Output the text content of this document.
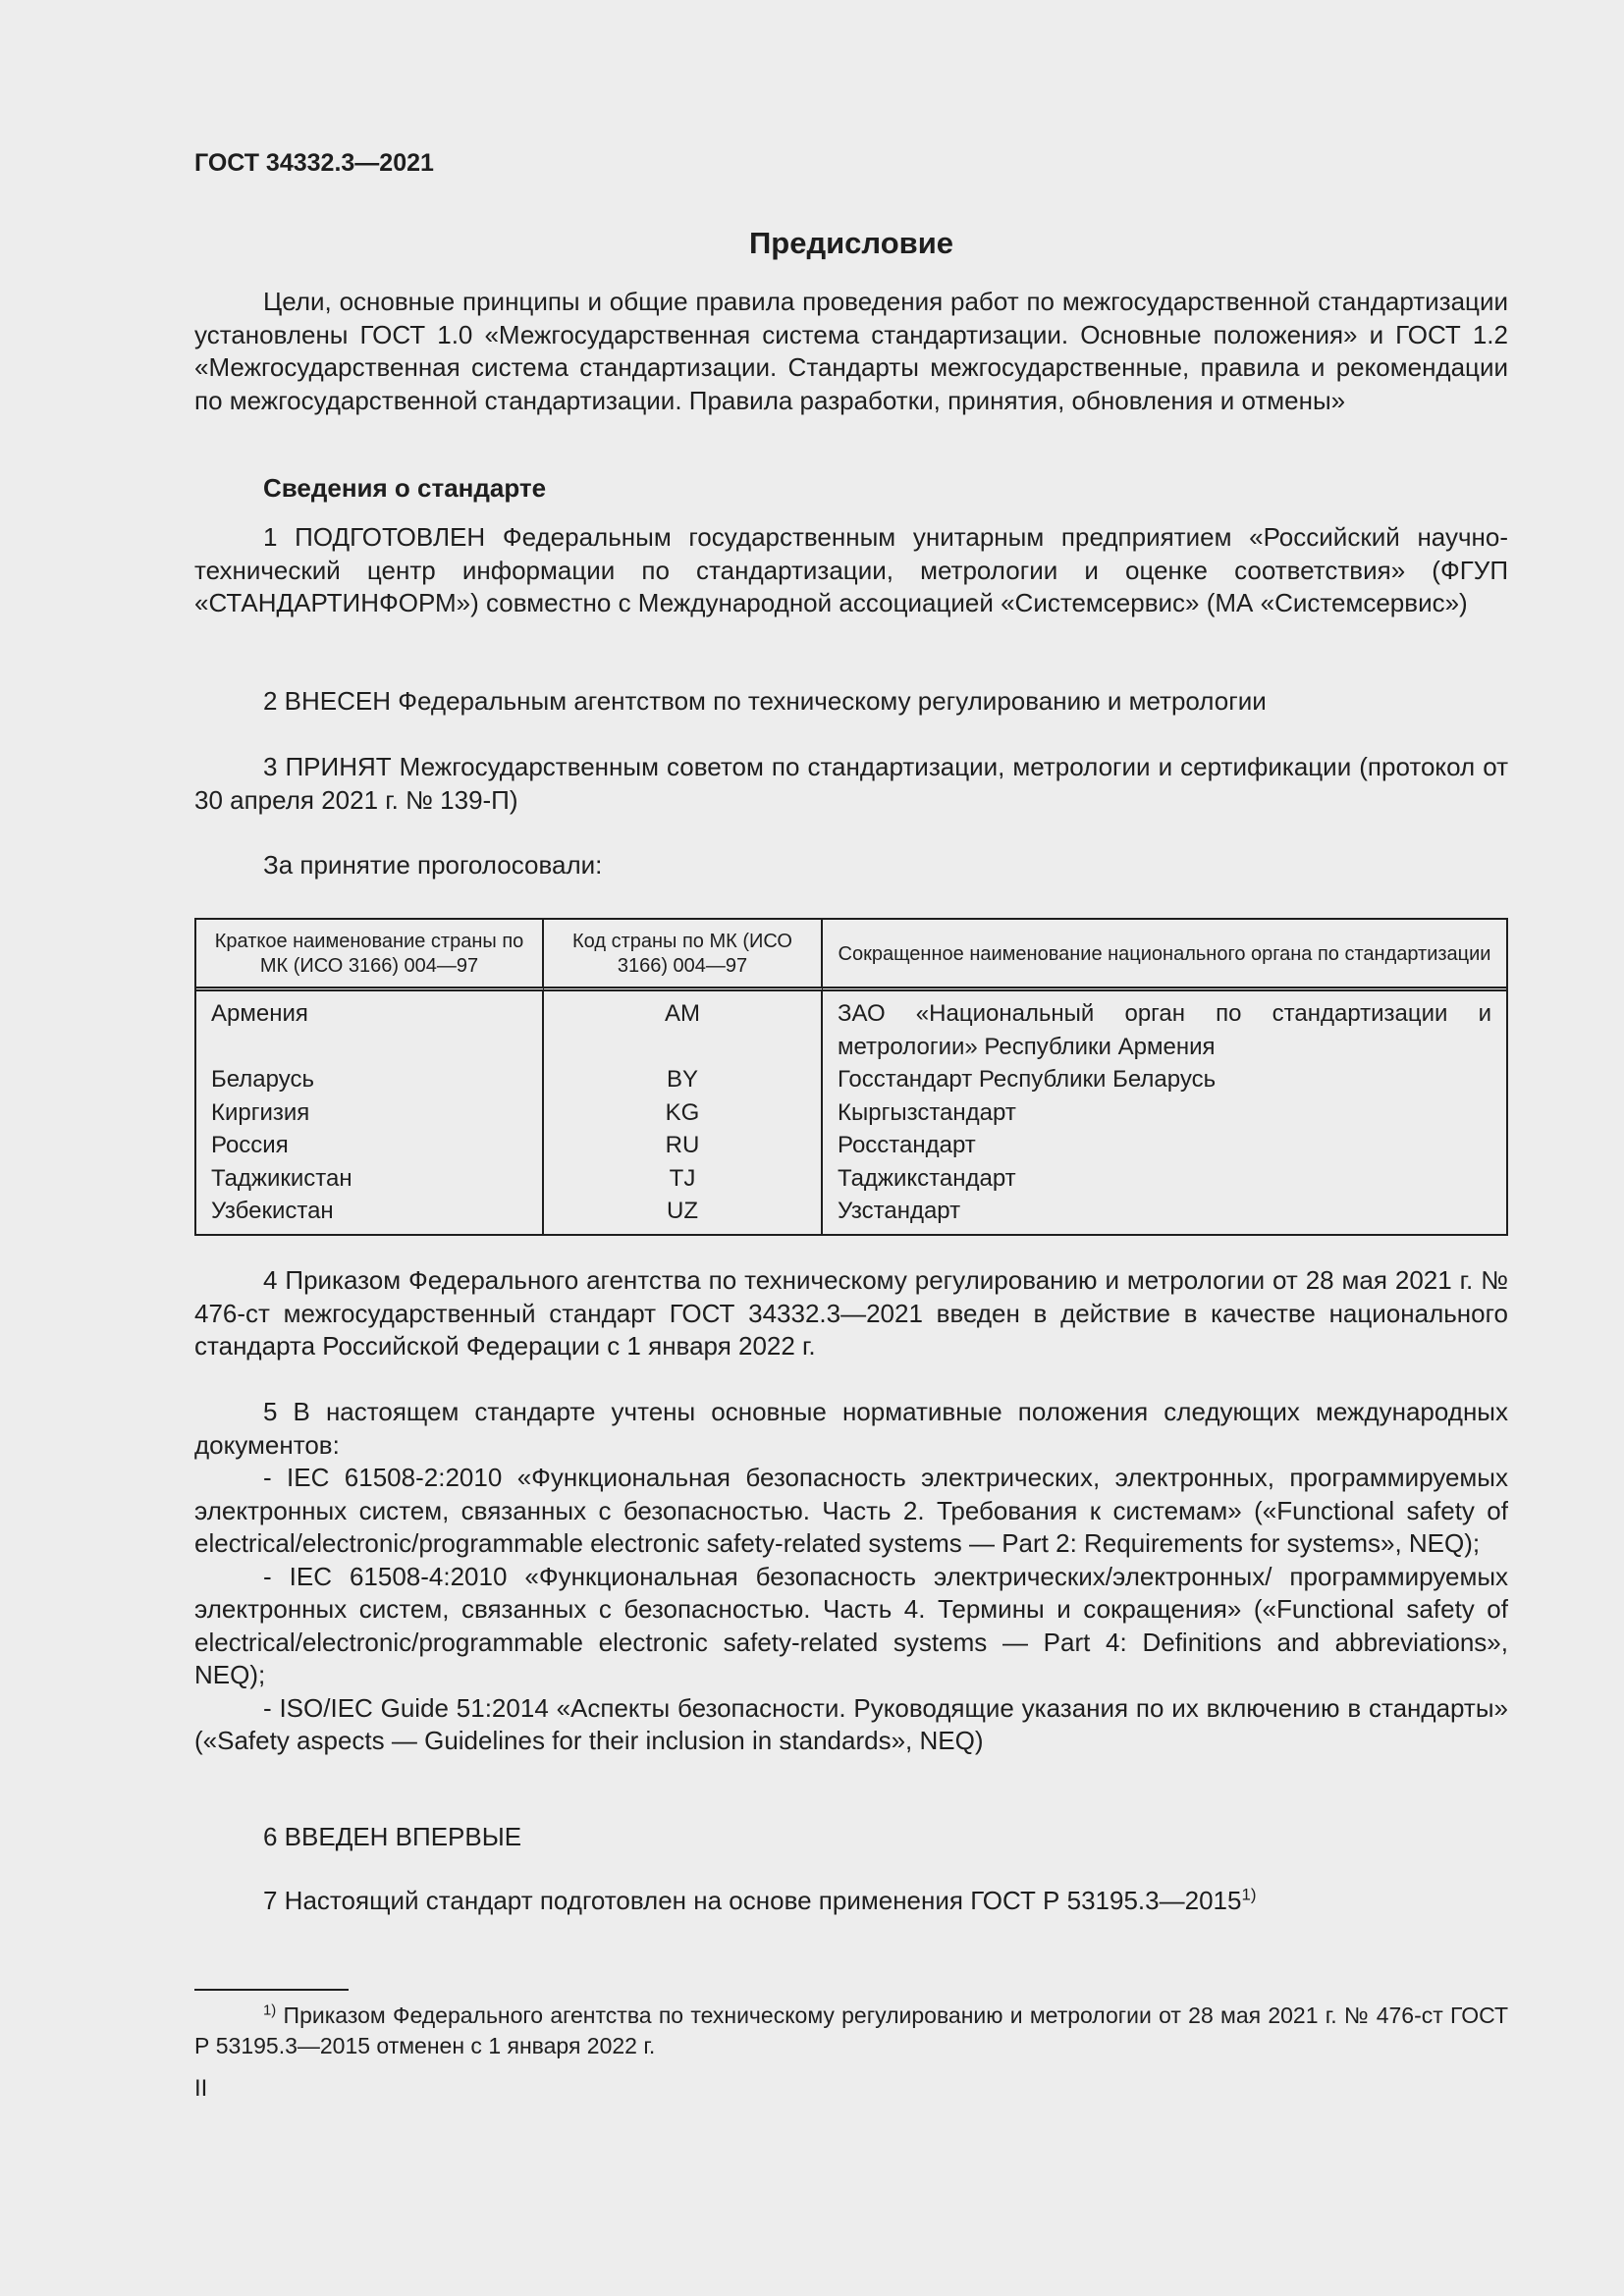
ГОСТ 34332.3—2021
Предисловие
Цели, основные принципы и общие правила проведения работ по межгосударственной стандартизации установлены ГОСТ 1.0 «Межгосударственная система стандартизации. Основные положения» и ГОСТ 1.2 «Межгосударственная система стандартизации. Стандарты межгосударственные, правила и рекомендации по межгосударственной стандартизации. Правила разработки, принятия, обновления и отмены»
Сведения о стандарте
1 ПОДГОТОВЛЕН Федеральным государственным унитарным предприятием «Российский научно-технический центр информации по стандартизации, метрологии и оценке соответствия» (ФГУП «СТАНДАРТИНФОРМ») совместно с Международной ассоциацией «Системсервис» (МА «Системсервис»)
2 ВНЕСЕН Федеральным агентством по техническому регулированию и метрологии
3 ПРИНЯТ Межгосударственным советом по стандартизации, метрологии и сертификации (протокол от 30 апреля 2021 г. № 139-П)
За принятие проголосовали:
Краткое наименование страны по МК (ИСО 3166) 004—97	Код страны по МК (ИСО 3166) 004—97	Сокращенное наименование национального органа по стандартизации
Армения	AM	ЗАО «Национальный орган по стандартизации и метрологии» Республики Армения
Беларусь	BY	Госстандарт Республики Беларусь
Киргизия	KG	Кыргызстандарт
Россия	RU	Росстандарт
Таджикистан	TJ	Таджикстандарт
Узбекистан	UZ	Узстандарт
4 Приказом Федерального агентства по техническому регулированию и метрологии от 28 мая 2021 г. № 476-ст межгосударственный стандарт ГОСТ 34332.3—2021 введен в действие в качестве национального стандарта Российской Федерации с 1 января 2022 г.
5 В настоящем стандарте учтены основные нормативные положения следующих международных документов:
- IEC 61508-2:2010 «Функциональная безопасность электрических, электронных, программируемых электронных систем, связанных с безопасностью. Часть 2. Требования к системам» («Functional safety of electrical/electronic/programmable electronic safety-related systems — Part 2: Requirements for systems», NEQ);
- IEC 61508-4:2010 «Функциональная безопасность электрических/электронных/ программируемых электронных систем, связанных с безопасностью. Часть 4. Термины и сокращения» («Functional safety of electrical/electronic/programmable electronic safety-related systems — Part 4: Definitions and abbreviations», NEQ);
- ISO/IEC Guide 51:2014 «Аспекты безопасности. Руководящие указания по их включению в стандарты» («Safety aspects — Guidelines for their inclusion in standards», NEQ)
6 ВВЕДЕН ВПЕРВЫЕ
7 Настоящий стандарт подготовлен на основе применения ГОСТ Р 53195.3—2015$^{1)}$
$^{1)}$ Приказом Федерального агентства по техническому регулированию и метрологии от 28 мая 2021 г. № 476-ст ГОСТ Р 53195.3—2015 отменен с 1 января 2022 г.
II
